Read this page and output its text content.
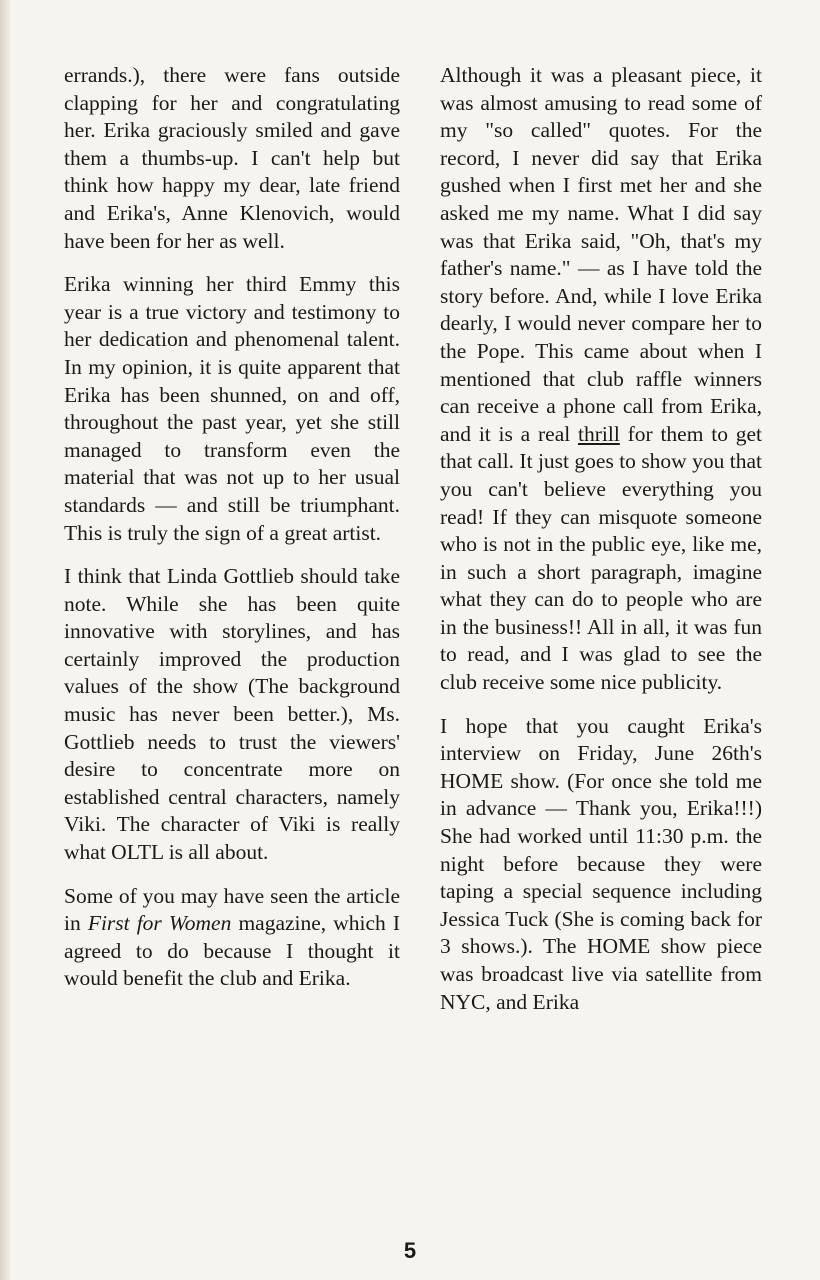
errands.), there were fans outside clapping for her and congratulating her. Erika graciously smiled and gave them a thumbs-up. I can't help but think how happy my dear, late friend and Erika's, Anne Klenovich, would have been for her as well.

Erika winning her third Emmy this year is a true victory and testimony to her dedication and phenomenal talent. In my opinion, it is quite apparent that Erika has been shunned, on and off, throughout the past year, yet she still managed to transform even the material that was not up to her usual standards — and still be triumphant. This is truly the sign of a great artist.

I think that Linda Gottlieb should take note. While she has been quite innovative with storylines, and has certainly improved the production values of the show (The background music has never been better.), Ms. Gottlieb needs to trust the viewers' desire to concentrate more on established central characters, namely Viki. The character of Viki is really what OLTL is all about.

Some of you may have seen the article in First for Women magazine, which I agreed to do because I thought it would benefit the club and Erika.

Although it was a pleasant piece, it was almost amusing to read some of my "so called" quotes. For the record, I never did say that Erika gushed when I first met her and she asked me my name. What I did say was that Erika said, "Oh, that's my father's name." — as I have told the story before. And, while I love Erika dearly, I would never compare her to the Pope. This came about when I mentioned that club raffle winners can receive a phone call from Erika, and it is a real thrill for them to get that call. It just goes to show you that you can't believe everything you read! If they can misquote someone who is not in the public eye, like me, in such a short paragraph, imagine what they can do to people who are in the business!! All in all, it was fun to read, and I was glad to see the club receive some nice publicity.

I hope that you caught Erika's interview on Friday, June 26th's HOME show. (For once she told me in advance — Thank you, Erika!!!) She had worked until 11:30 p.m. the night before because they were taping a special sequence including Jessica Tuck (She is coming back for 3 shows.). The HOME show piece was broadcast live via satellite from NYC, and Erika

5
